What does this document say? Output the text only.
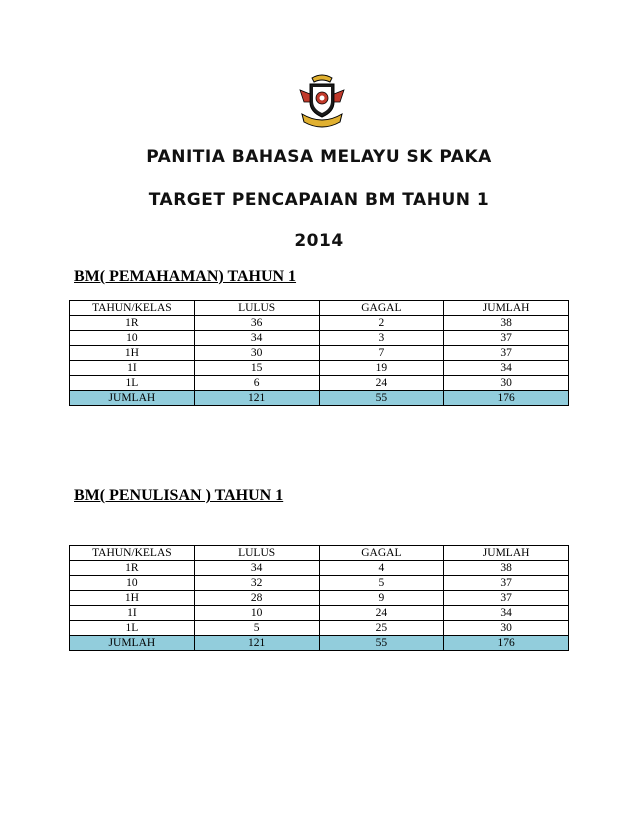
PANITIA BAHASA MELAYU SK PAKA
TARGET PENCAPAIAN BM TAHUN 1
2014
BM( PEMAHAMAN) TAHUN 1
TAHUN/KELAS	LULUS	GAGAL	JUMLAH
1R	36	2	38
10	34	3	37
1H	30	7	37
1I	15	19	34
1L	6	24	30
JUMLAH	121	55	176
BM( PENULISAN ) TAHUN 1
TAHUN/KELAS	LULUS	GAGAL	JUMLAH
1R	34	4	38
10	32	5	37
1H	28	9	37
1I	10	24	34
1L	5	25	30
JUMLAH	121	55	176
